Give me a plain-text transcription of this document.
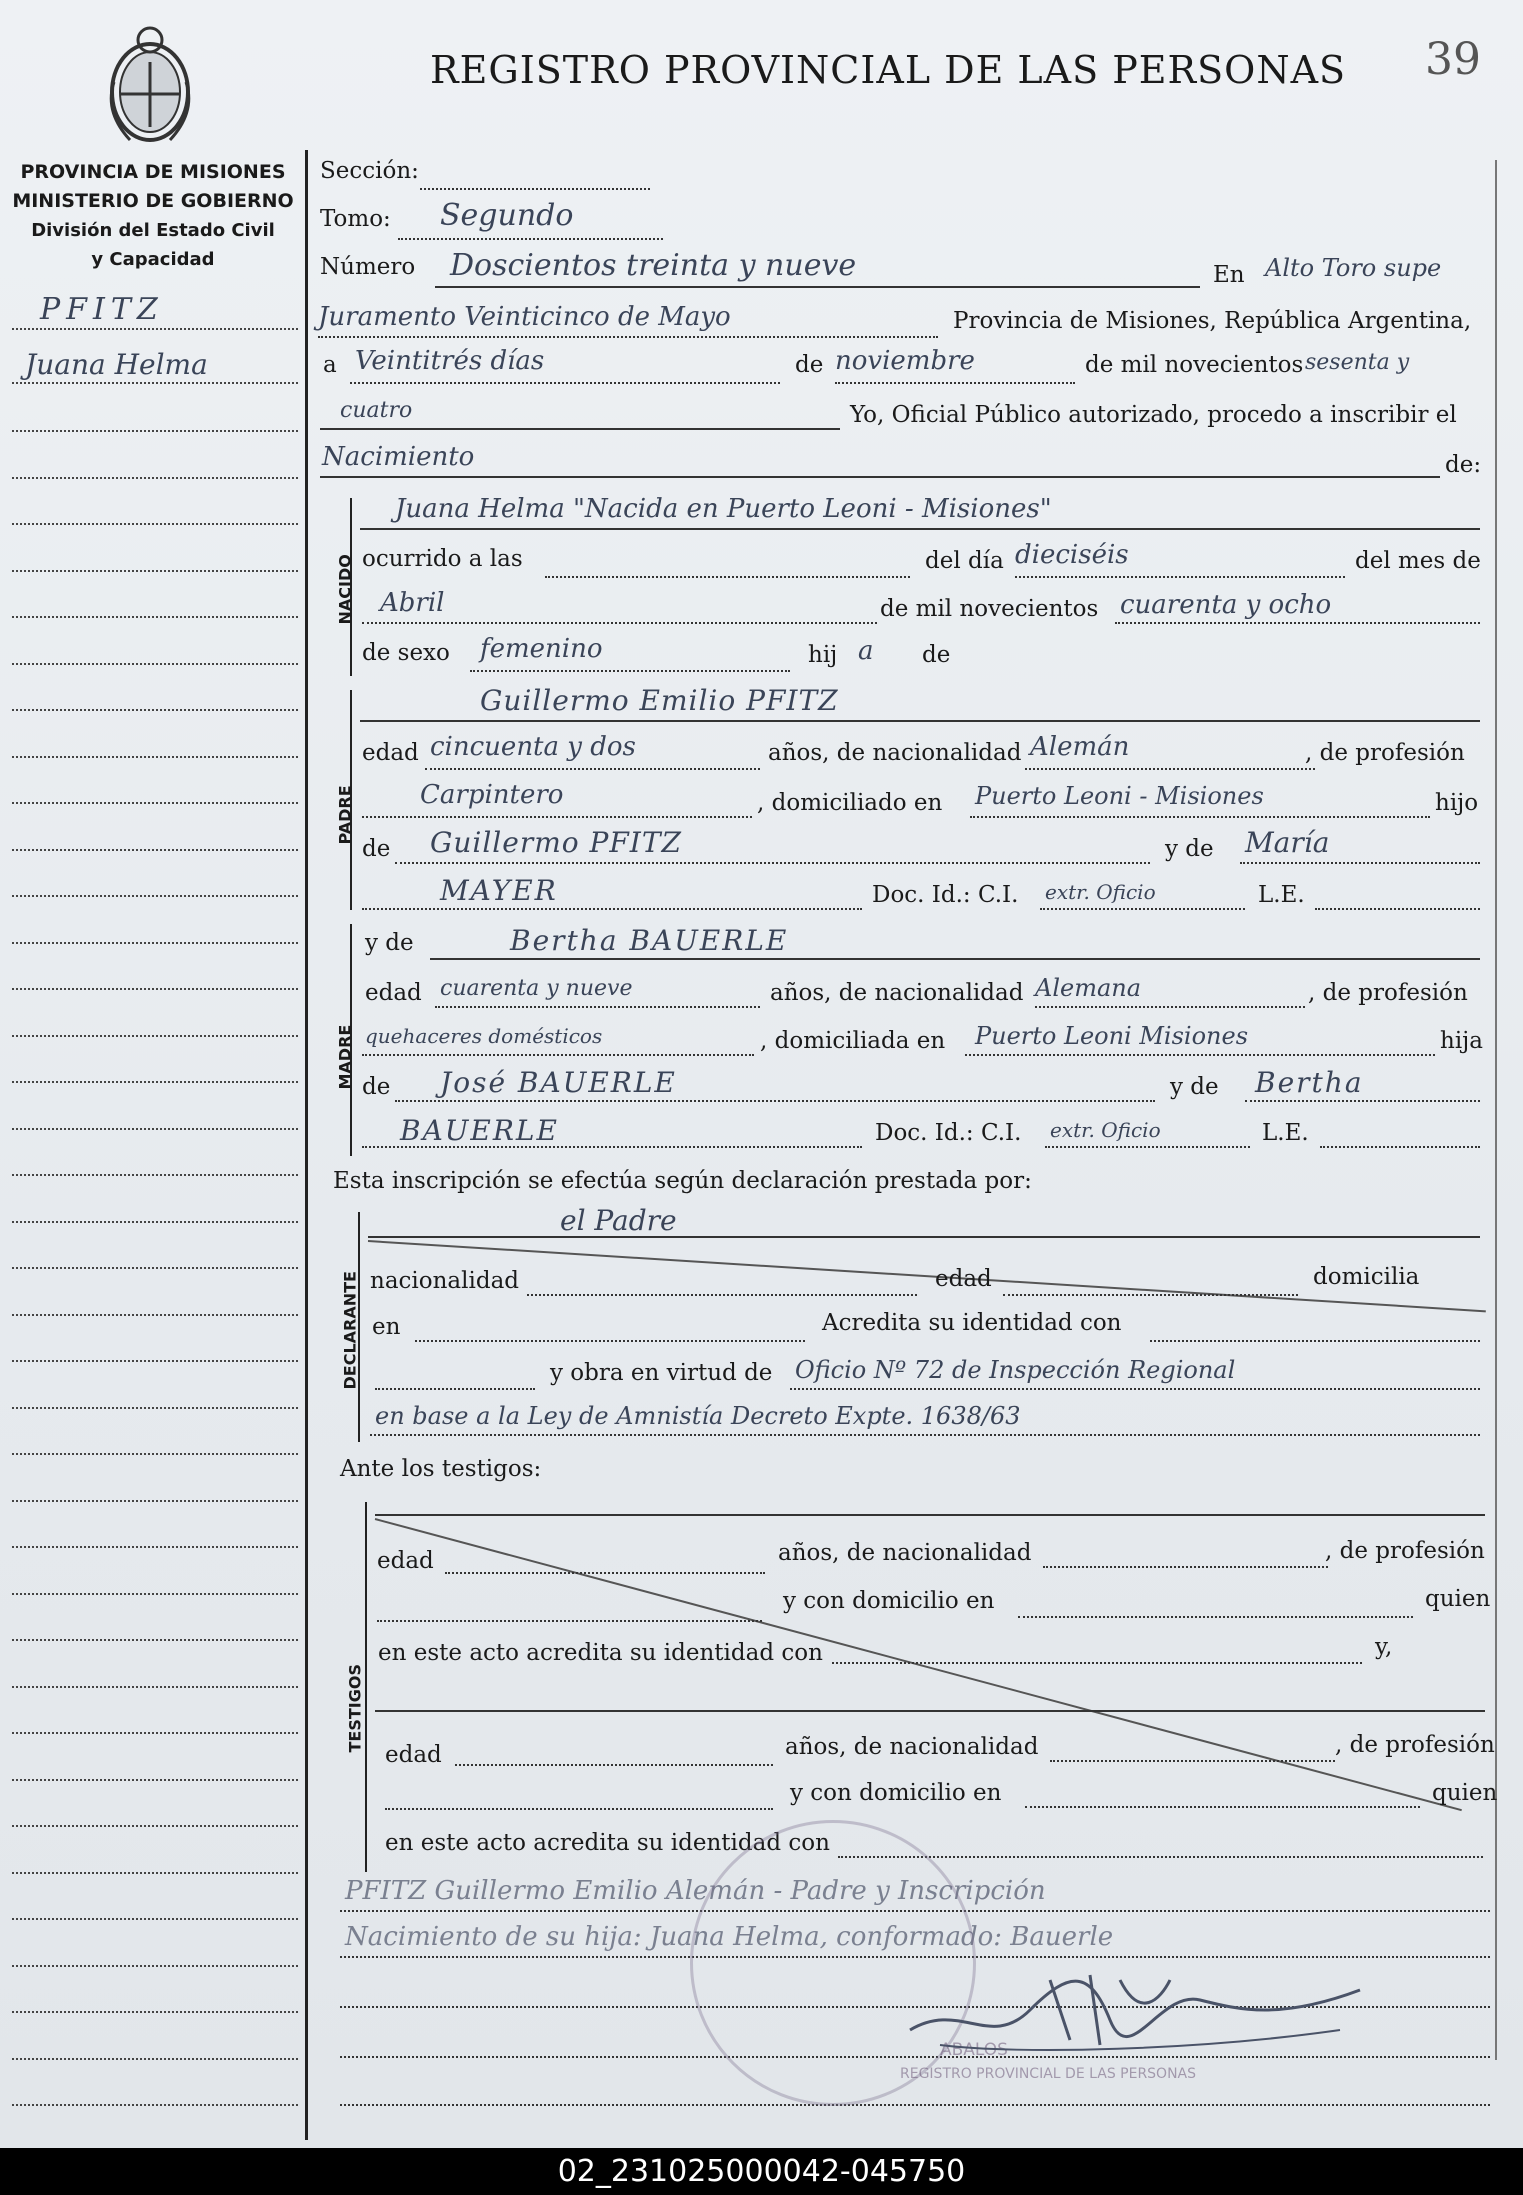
REGISTRO PROVINCIAL DE LAS PERSONAS 39
PROVINCIA DE MISIONES
MINISTERIO DE GOBIERNO
División del Estado Civil
y Capacidad
PFITZ
Juana Helma
Sección:
Tomo: Segundo
Número Doscientos treinta y nueve	En Alto Toro supe
Juramento Veinticinco de Mayo	Provincia de Misiones, República Argentina,
a Veintitrés días	de noviembre	de mil novecientos sesenta y
cuatro	Yo, Oficial Público autorizado, procedo a inscribir el
Nacimiento	de:
NACIDO
Juana Helma "Nacida en Puerto Leoni - Misiones"
ocurrido a las	del día dieciséis	del mes de
Abril	de mil novecientos cuarenta y ocho
de sexo femenino	hij a de
PADRE
Guillermo Emilio PFITZ
edad cincuenta y dos	años, de nacionalidad Alemán	, de profesión
Carpintero	, domiciliado en Puerto Leoni - Misiones	hijo
de Guillermo PFITZ	y de María
MAYER	Doc. Id.: C.I. extr. Oficio	L.E.
MADRE
y de	Bertha BAUERLE
edad cuarenta y nueve	años, de nacionalidad Alemana	, de profesión
quehaceres domésticos	, domiciliada en Puerto Leoni Misiones	hija
de José BAUERLE	y de Bertha
BAUERLE	Doc. Id.: C.I. extr. Oficio	L.E.
Esta inscripción se efectúa según declaración prestada por:
DECLARANTE
el Padre
nacionalidad	edad	domicilia
en	Acredita su identidad con
y obra en virtud de Oficio Nº 72 de Inspección Regional
en base a la Ley de Amnistía Decreto Expte. 1638/63
Ante los testigos:
TESTIGOS
edad	años, de nacionalidad	, de profesión
y con domicilio en	quien
en este acto acredita su identidad con	y,
edad	años, de nacionalidad	, de profesión
y con domicilio en	quien
en este acto acredita su identidad con
PFITZ Guillermo Emilio Alemán - Padre y Inscripción
Nacimiento de su hija: Juana Helma, conformado: Bauerle
ABALOS
REGISTRO PROVINCIAL DE LAS PERSONAS
02_231025000042-045750
